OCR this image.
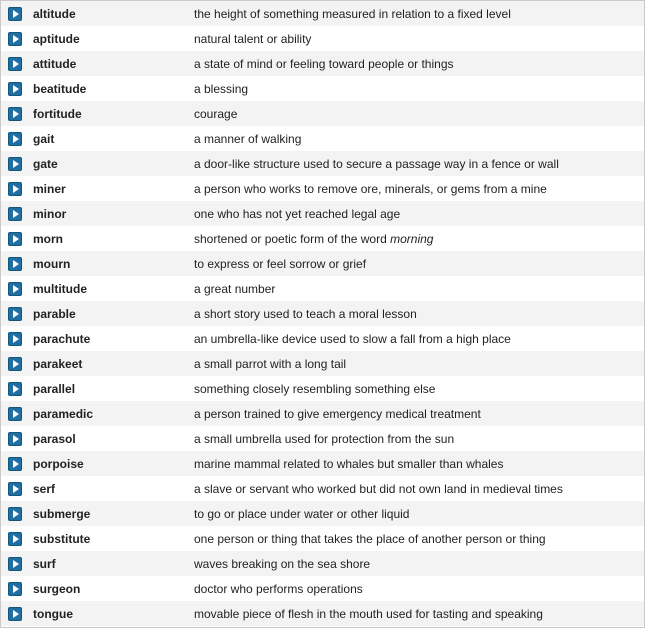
altitude	the height of something measured in relation to a fixed level
aptitude	natural talent or ability
attitude	a state of mind or feeling toward people or things
beatitude	a blessing
fortitude	courage
gait	a manner of walking
gate	a door-like structure used to secure a passage way in a fence or wall
miner	a person who works to remove ore, minerals, or gems from a mine
minor	one who has not yet reached legal age
morn	shortened or poetic form of the word morning
mourn	to express or feel sorrow or grief
multitude	a great number
parable	a short story used to teach a moral lesson
parachute	an umbrella-like device used to slow a fall from a high place
parakeet	a small parrot with a long tail
parallel	something closely resembling something else
paramedic	a person trained to give emergency medical treatment
parasol	a small umbrella used for protection from the sun
porpoise	marine mammal related to whales but smaller than whales
serf	a slave or servant who worked but did not own land in medieval times
submerge	to go or place under water or other liquid
substitute	one person or thing that takes the place of another person or thing
surf	waves breaking on the sea shore
surgeon	doctor who performs operations
tongue	movable piece of flesh in the mouth used for tasting and speaking
